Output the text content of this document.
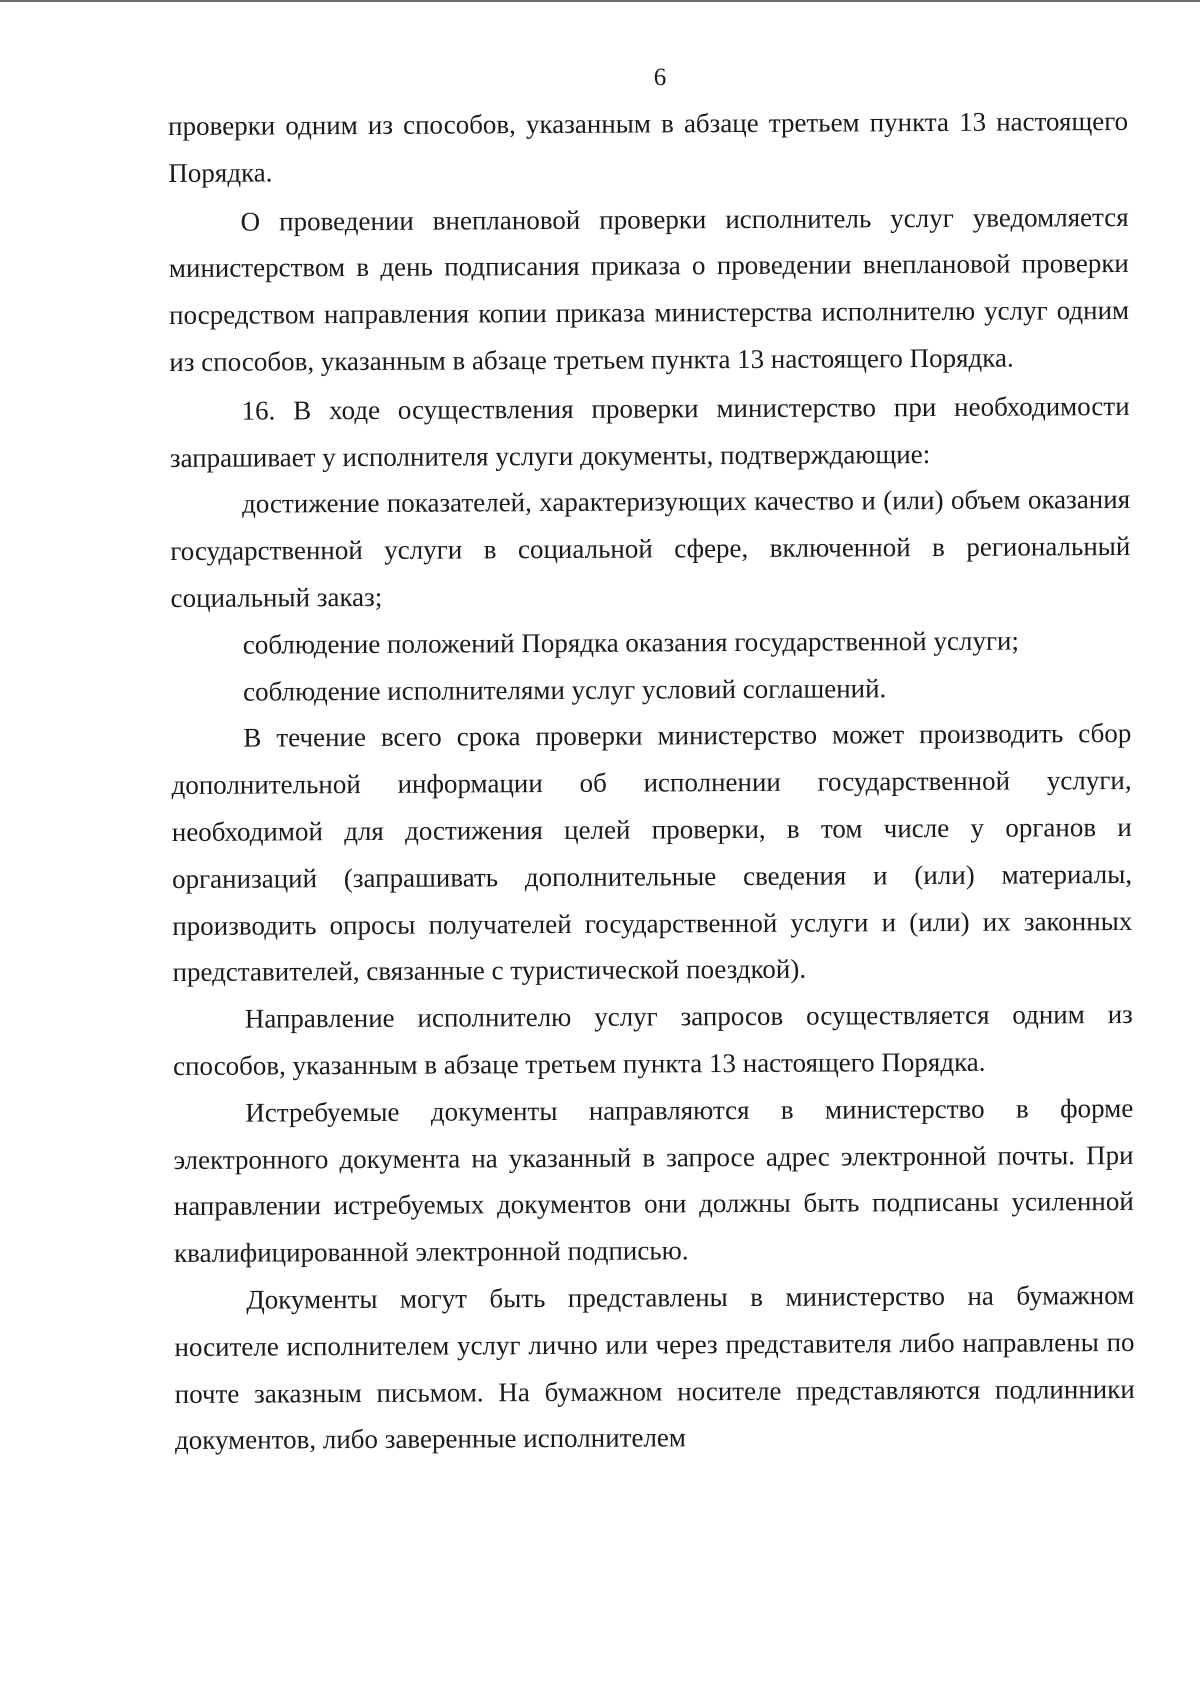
6

проверки одним из способов, указанным в абзаце третьем пункта 13 настоящего Порядка.

О проведении внеплановой проверки исполнитель услуг уведомляется министерством в день подписания приказа о проведении внеплановой проверки посредством направления копии приказа министерства исполнителю услуг одним из способов, указанным в абзаце третьем пункта 13 настоящего Порядка.

16. В ходе осуществления проверки министерство при необходимости запрашивает у исполнителя услуги документы, подтверждающие:

достижение показателей, характеризующих качество и (или) объем оказания государственной услуги в социальной сфере, включенной в региональный социальный заказ;

соблюдение положений Порядка оказания государственной услуги;

соблюдение исполнителями услуг условий соглашений.

В течение всего срока проверки министерство может производить сбор дополнительной информации об исполнении государственной услуги, необходимой для достижения целей проверки, в том числе у органов и организаций (запрашивать дополнительные сведения и (или) материалы, производить опросы получателей государственной услуги и (или) их законных представителей, связанные с туристической поездкой).

Направление исполнителю услуг запросов осуществляется одним из способов, указанным в абзаце третьем пункта 13 настоящего Порядка.

Истребуемые документы направляются в министерство в форме электронного документа на указанный в запросе адрес электронной почты. При направлении истребуемых документов они должны быть подписаны усиленной квалифицированной электронной подписью.

Документы могут быть представлены в министерство на бумажном носителе исполнителем услуг лично или через представителя либо направлены по почте заказным письмом. На бумажном носителе представляются подлинники документов, либо заверенные исполнителем
